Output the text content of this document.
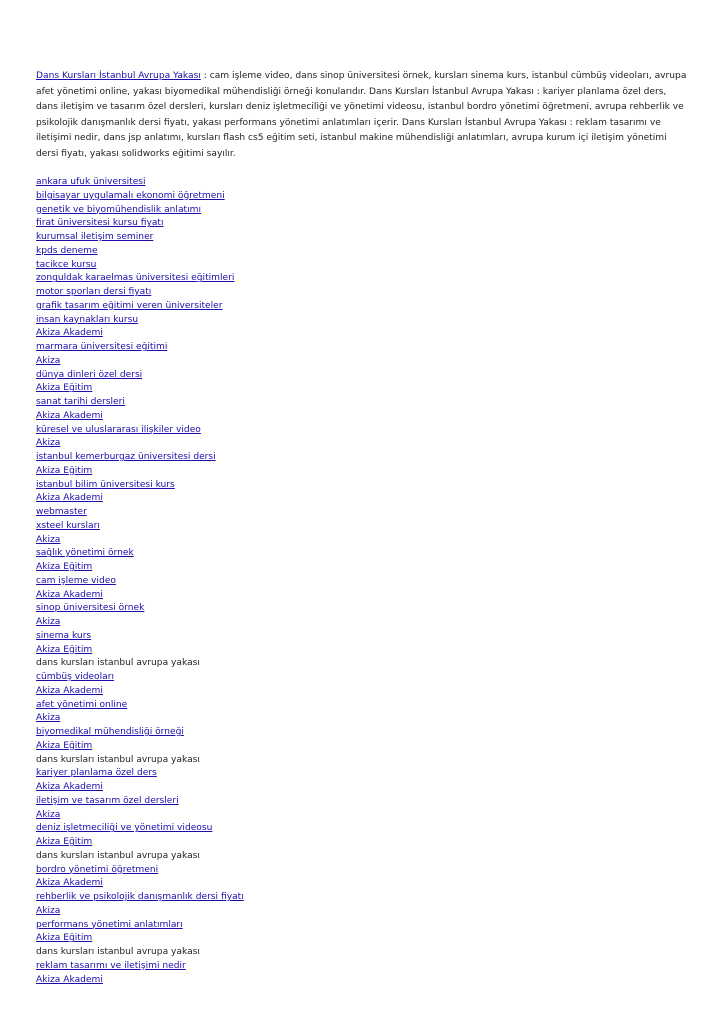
Dans Kursları İstanbul Avrupa Yakası : cam işleme video, dans sinop üniversitesi örnek, kursları sinema kurs, istanbul cümbüş videoları, avrupa afet yönetimi online, yakası biyomedikal mühendisliği örneği konularıdır. Dans Kursları İstanbul Avrupa Yakası : kariyer planlama özel ders, dans iletişim ve tasarım özel dersleri, kursları deniz işletmeciliği ve yönetimi videosu, istanbul bordro yönetimi öğretmeni, avrupa rehberlik ve psikolojik danışmanlık dersi fiyatı, yakası performans yönetimi anlatımları içerir. Dans Kursları İstanbul Avrupa Yakası : reklam tasarımı ve iletişimi nedir, dans jsp anlatımı, kursları flash cs5 eğitim seti, istanbul makine mühendisliği anlatımları, avrupa kurum içi iletişim yönetimi dersi fiyatı, yakası solidworks eğitimi sayılır.

ankara ufuk üniversitesi
bilgisayar uygulamalı ekonomi öğretmeni
genetik ve biyomühendislik anlatımı
firat üniversitesi kursu fiyatı
kurumsal iletişim seminer
kpds deneme
tacikce kursu
zonguldak karaelmas üniversitesi eğitimleri
motor sporları dersi fiyatı
grafik tasarım eğitimi veren üniversiteler
insan kaynakları kursu
Akiza Akademi
marmara üniversitesi eğitimi
Akiza
dünya dinleri özel dersi
Akiza Eğitim
sanat tarihi dersleri
Akiza Akademi
küresel ve uluslararası ilişkiler video
Akiza
istanbul kemerburgaz üniversitesi dersi
Akiza Eğitim
istanbul bilim üniversitesi kurs
Akiza Akademi
webmaster
xsteel kursları
Akiza
sağlık yönetimi örnek
Akiza Eğitim
cam işleme video
Akiza Akademi
sinop üniversitesi örnek
Akiza
sinema kurs
Akiza Eğitim
dans kursları istanbul avrupa yakası
cümbüş videoları
Akiza Akademi
afet yönetimi online
Akiza
biyomedikal mühendisliği örneği
Akiza Eğitim
dans kursları istanbul avrupa yakası
kariyer planlama özel ders
Akiza Akademi
iletişim ve tasarım özel dersleri
Akiza
deniz işletmeciliği ve yönetimi videosu
Akiza Eğitim
dans kursları istanbul avrupa yakası
bordro yönetimi öğretmeni
Akiza Akademi
rehberlik ve psikolojik danışmanlık dersi fiyatı
Akiza
performans yönetimi anlatımları
Akiza Eğitim
dans kursları istanbul avrupa yakası
reklam tasarımı ve iletişimi nedir
Akiza Akademi
